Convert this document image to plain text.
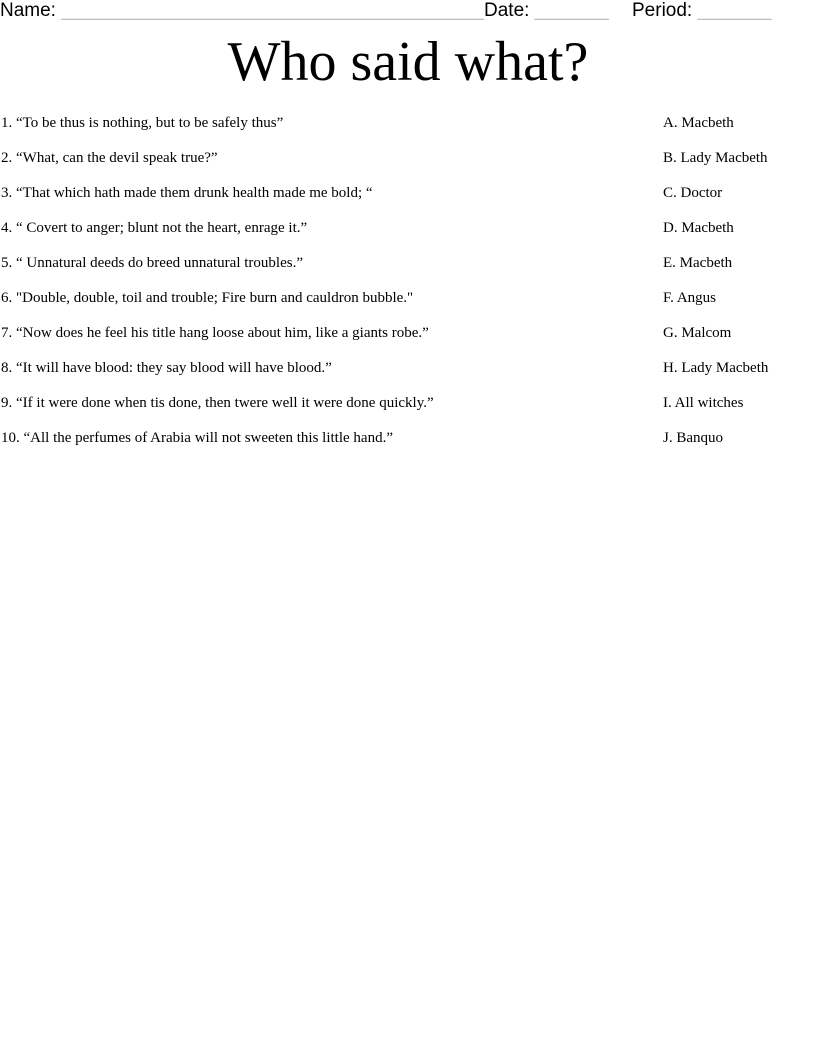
Name: ________________________________________ Date: _______ Period: _______
Who said what?
1. “To be thus is nothing, but to be safely thus”
2. “What, can the devil speak true?”
3. “That which hath made them drunk health made me bold; “
4. “ Covert to anger; blunt not the heart, enrage it.”
5. “ Unnatural deeds do breed unnatural troubles.”
6. "Double, double, toil and trouble; Fire burn and cauldron bubble."
7. “Now does he feel his title hang loose about him, like a giants robe.”
8. “It will have blood: they say blood will have blood.”
9. “If it were done when tis done, then twere well it were done quickly.”
10. “All the perfumes of Arabia will not sweeten this little hand.”
A. Macbeth
B. Lady Macbeth
C. Doctor
D. Macbeth
E. Macbeth
F. Angus
G. Malcom
H. Lady Macbeth
I. All witches
J. Banquo
